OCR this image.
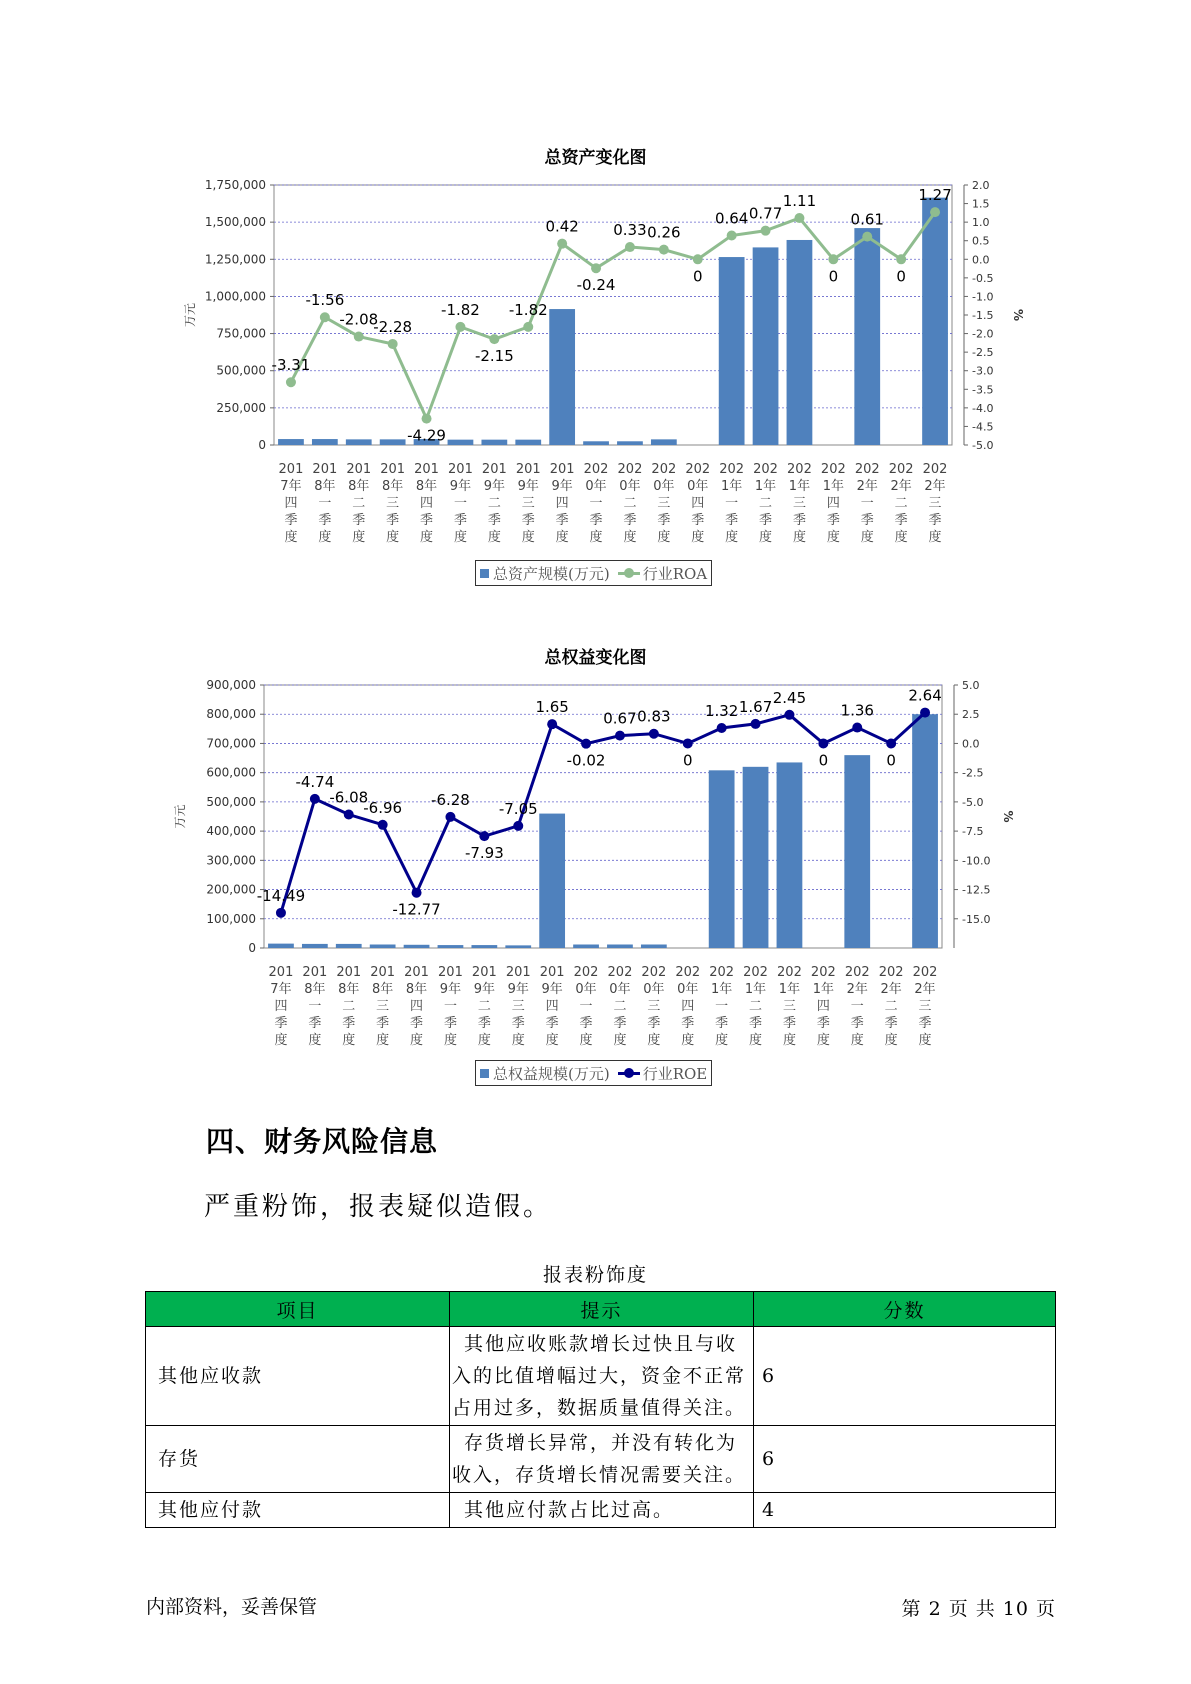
总资产变化图
0
250,000
500,000
750,000
1,000,000
1,250,000
1,500,000
1,750,000
-5.0
-4.5
-4.0
-3.5
-3.0
-2.5
-2.0
-1.5
-1.0
-0.5
0.0
0.5
1.0
1.5
2.0
万元	%
201
7年
四
季
度
201
8年
一
季
度
201
8年
二
季
度
201
8年
三
季
度
201
8年
四
季
度
201
9年
一
季
度
201
9年
二
季
度
201
9年
三
季
度
201
9年
四
季
度
202
0年
一
季
度
202
0年
二
季
度
202
0年
三
季
度
202
0年
四
季
度
202
1年
一
季
度
202
1年
二
季
度
202
1年
三
季
度
202
1年
四
季
度
202
2年
一
季
度
202
2年
二
季
度
202
2年
三
季
度
-3.31
-1.56
-2.08
-2.28
-4.29
-1.82
-2.15
-1.82
0.42
-0.24
0.33 0.26
0
0.64 0.77
1.11
0
0.61
0
1.27
总资产规模(万元) 行业ROA
总权益变化图
0
100,000
200,000
300,000
400,000
500,000
600,000
700,000
800,000
900,000
-15.0
-12.5
-10.0
-7.5
-5.0
-2.5
0.0
2.5
5.0
万元	%
201
7年
四
季
度
201
8年
一
季
度
201
8年
二
季
度
201
8年
三
季
度
201
8年
四
季
度
201
9年
一
季
度
201
9年
二
季
度
201
9年
三
季
度
201
9年
四
季
度
202
0年
一
季
度
202
0年
二
季
度
202
0年
三
季
度
202
0年
四
季
度
202
1年
一
季
度
202
1年
二
季
度
202
1年
三
季
度
202
1年
四
季
度
202
2年
一
季
度
202
2年
二
季
度
202
2年
三
季
度
-14.49
-4.74
-6.08
-6.96
-12.77
-6.28
-7.93
-7.05
1.65
-0.02
0.67 0.83
0
1.32 1.67
2.45
0
1.36
0
2.64
总权益规模(万元) 行业ROE
四、财务风险信息
严重粉饰，报表疑似造假。
报表粉饰度
项目	提示	分数
其他应收款	其他应收账款增长过快且与收入的比值增幅过大，资金不正常占用过多，数据质量值得关注。	6
存货	存货增长异常，并没有转化为收入，存货增长情况需要关注。	6
其他应付款	其他应付款占比过高。	4
内部资料，妥善保管	第 2 页 共 10 页
